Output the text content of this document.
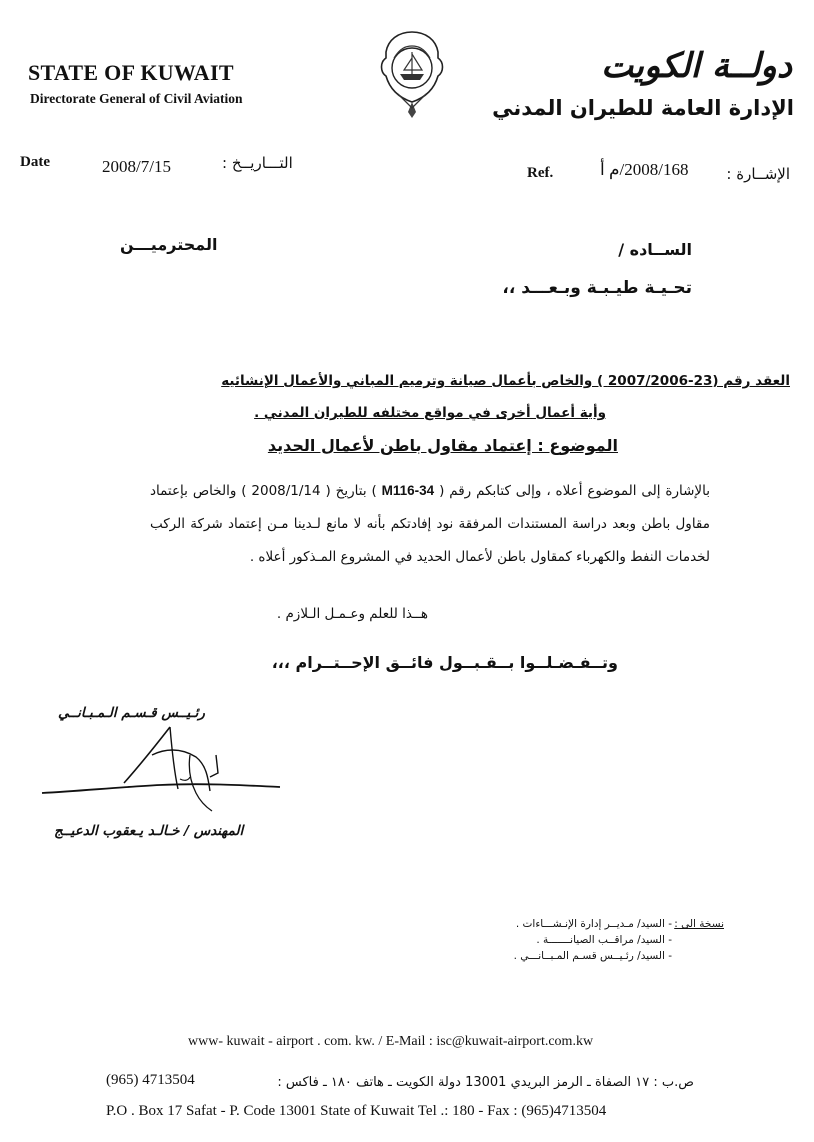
STATE OF KUWAIT
Directorate General of Civil Aviation
دولــة الكويت
الإدارة العامة للطيران المدني
Date	2008/7/15	التـــاريــخ :
Ref.	2008/168/م أ	الإشــارة :
الســاده /
المحترميـــن
تحـيـة طيـبـة وبـعـــد ،،
العقد رقم (23-2007/2006 ) والخاص بأعمال صيانة وترميم المباني والأعمال الإنشائيه
وأية أعمال أخرى في مواقع مختلفه للطيران المدني .
الموضوع : إعتماد مقاول باطن لأعمال الحديد
بالإشارة إلى الموضوع أعلاه ، وإلى كتابكم رقم ( M116-34 ) بتاريخ ( 2008/1/14 ) والخاص بإعتماد مقاول باطن وبعد دراسة المستندات المرفقة نود إفادتكم بأنه لا مانع لـدينا مـن إعتماد شركة الركب لخدمات النفط والكهرباء كمقاول باطن لأعمال الحديد في المشروع المـذكور أعلاه .
هــذا للعلم وعـمـل الـلازم .
وتــفـضـلــوا بــقـبــول فائــق الإحــتــرام ،،،
رئـيــس قـسـم الـمـبـانــي
المهندس / خـالـد يـعقوب الدعيــج
نسخة الى :
- السيد/ مـديــر إدارة الإنـشـــاءات .
- السيد/ مراقــب الصيانـــــــة .
- السيد/ رئـيــس قسـم المـبــانـــي .
www- kuwait - airport . com. kw. / E-Mail : isc@kuwait-airport.com.kw
(965) 4713504	ص.ب : ١٧ الصفاة ـ الرمز البريدي 13001 دولة الكويت ـ هاتف ١٨٠ ـ فاكس :
P.O . Box 17 Safat - P. Code 13001 State of Kuwait Tel .: 180 - Fax : (965)4713504
